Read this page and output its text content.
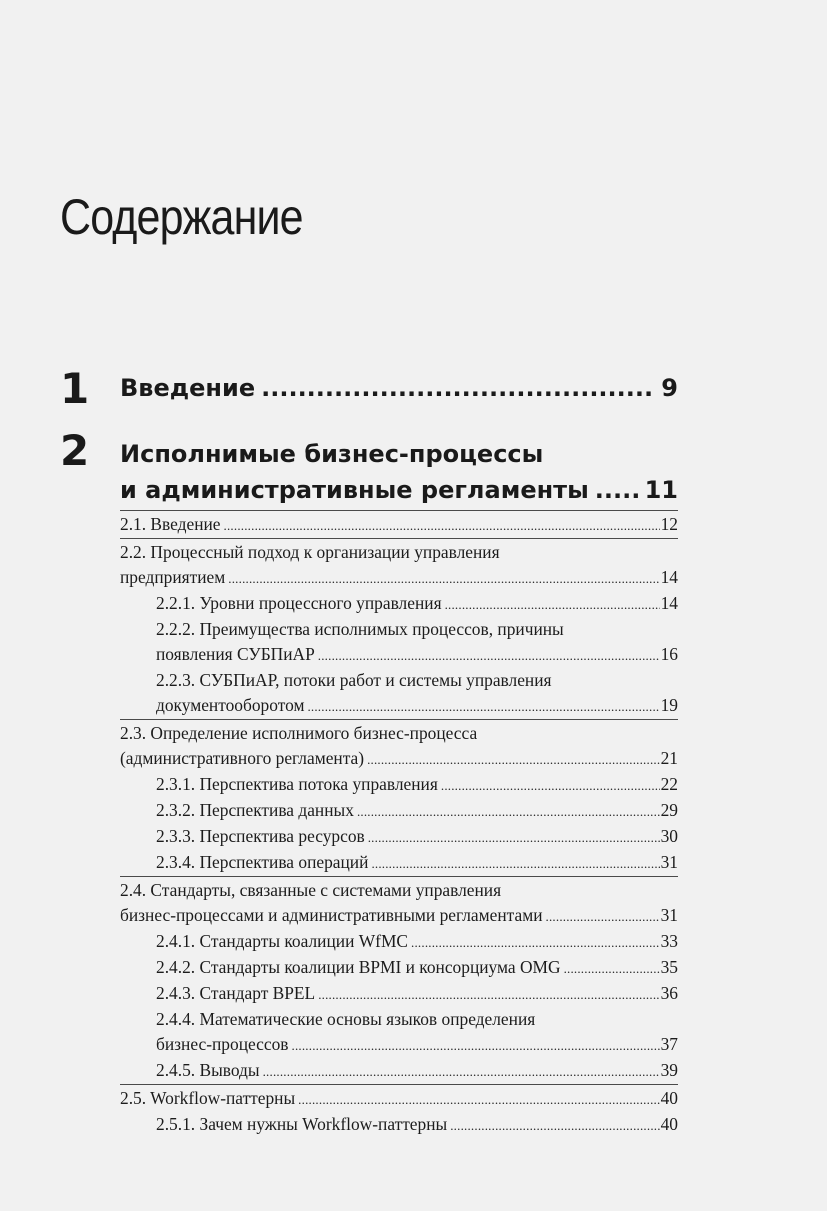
Содержание
1 Введение .....	9
2 Исполнимые бизнес-процессы
и административные регламенты ..... 11
2.1. Введение .....	12
2.2. Процессный подход к организации управления
предприятием .....	14
2.2.1. Уровни процессного управления .....	14
2.2.2. Преимущества исполнимых процессов, причины
появления СУБПиАР .....	16
2.2.3. СУБПиАР, потоки работ и системы управления
документооборотом .....	19
2.3. Определение исполнимого бизнес-процесса
(административного регламента) .....	21
2.3.1. Перспектива потока управления .....	22
2.3.2. Перспектива данных .....	29
2.3.3. Перспектива ресурсов .....	30
2.3.4. Перспектива операций .....	31
2.4. Стандарты, связанные с системами управления
бизнес-процессами и административными регламентами .....	31
2.4.1. Стандарты коалиции WfMC .....	33
2.4.2. Стандарты коалиции BPMI и консорциума OMG .....	35
2.4.3. Стандарт BPEL .....	36
2.4.4. Математические основы языков определения
бизнес-процессов .....	37
2.4.5. Выводы .....	39
2.5. Workflow-паттерны .....	40
2.5.1. Зачем нужны Workflow-паттерны .....	40
